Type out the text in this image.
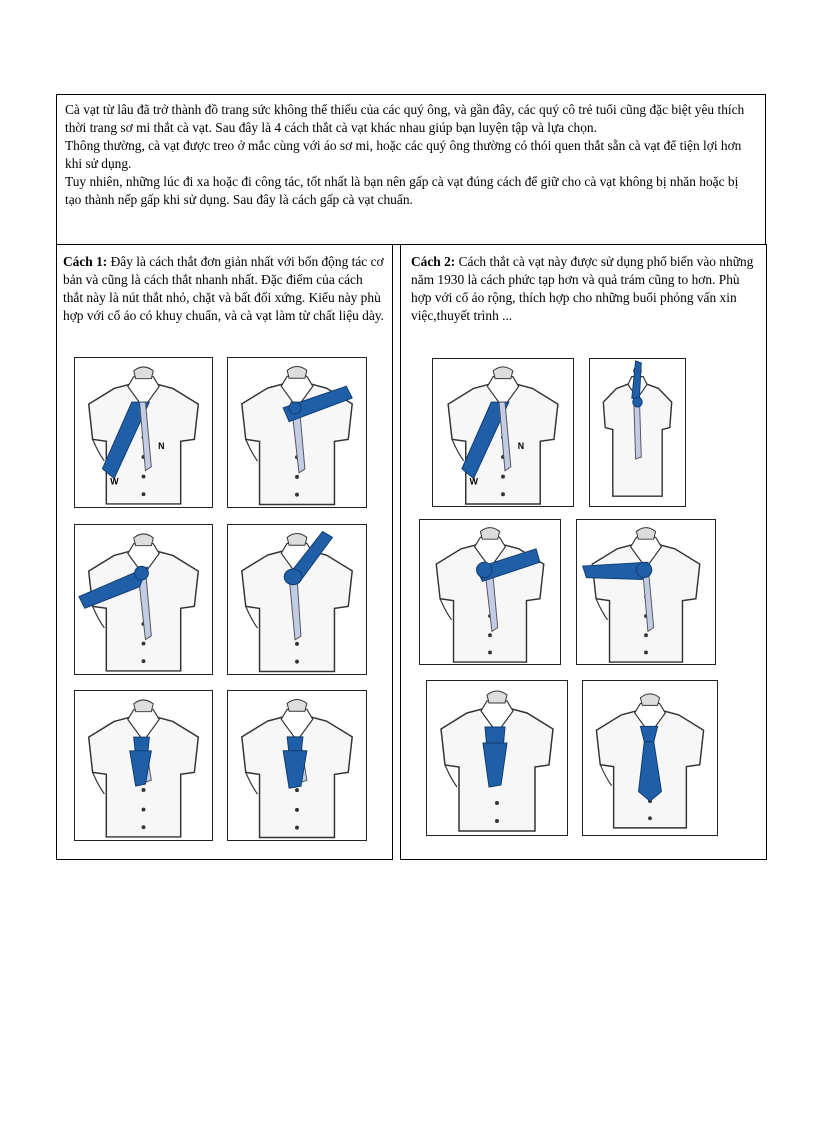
Cà vạt từ lâu đã trở thành đồ trang sức không thể thiếu của các quý ông, và gần đây, các quý cô trẻ tuổi cũng đặc biệt yêu thích thời trang sơ mi thắt cà vạt. Sau đây là 4 cách thắt cà vạt khác nhau giúp bạn luyện tập và lựa chọn.

Thông thường, cà vạt được treo ở mắc cùng với áo sơ mi, hoặc các quý ông thường có thói quen thắt sẵn cà vạt để tiện lợi hơn khi sử dụng.

Tuy nhiên, những lúc đi xa hoặc đi công tác, tốt nhất là bạn nên gấp cà vạt đúng cách để giữ cho cà vạt không bị nhăn hoặc bị tạo thành nếp gấp khi sử dụng. Sau đây là cách gấp cà vạt chuẩn.

Cách 1: Đây là cách thắt đơn giản nhất với bốn động tác cơ bản và cũng là cách thắt nhanh nhất. Đặc điểm của cách thắt này là nút thắt nhỏ, chặt và bất đối xứng. Kiểu này phù hợp với cổ áo có khuy chuẩn, và cà vạt làm từ chất liệu dày.

Cách 2: Cách thắt cà vạt này được sử dụng phổ biến vào những năm 1930 là cách phức tạp hơn và quả trám cũng to hơn. Phù hợp với cổ áo rộng, thích hợp cho những buổi phỏng vấn xin việc,thuyết trình ...

N
W
N
W
